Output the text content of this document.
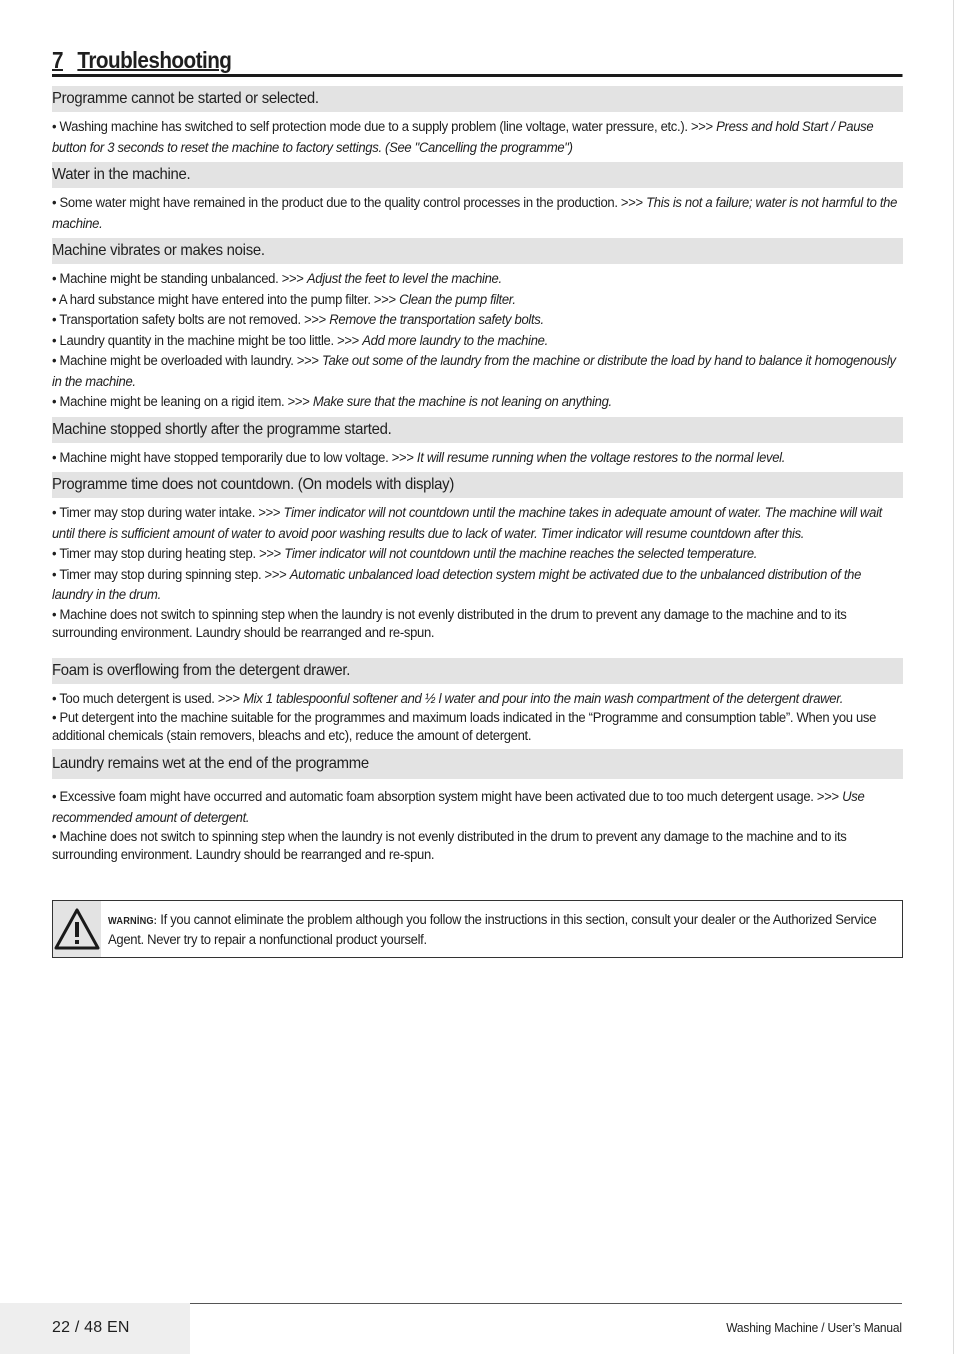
7 Troubleshooting
Programme cannot be started or selected.
• Washing machine has switched to self protection mode due to a supply problem (line voltage, water pressure, etc.). >>> Press and hold Start / Pause button for 3 seconds to reset the machine to factory settings. (See "Cancelling the programme")
Water in the machine.
• Some water might have remained in the product due to the quality control processes in the production. >>> This is not a failure; water is not harmful to the machine.
Machine vibrates or makes noise.
• Machine might be standing unbalanced. >>> Adjust the feet to level the machine.
• A hard substance might have entered into the pump filter. >>> Clean the pump filter.
• Transportation safety bolts are not removed. >>> Remove the transportation safety bolts.
• Laundry quantity in the machine might be too little. >>> Add more laundry to the machine.
• Machine might be overloaded with laundry. >>> Take out some of the laundry from the machine or distribute the load by hand to balance it homogenously in the machine.
• Machine might be leaning on a rigid item. >>> Make sure that the machine is not leaning on anything.
Machine stopped shortly after the programme started.
• Machine might have stopped temporarily due to low voltage. >>> It will resume running when the voltage restores to the normal level.
Programme time does not countdown. (On models with display)
• Timer may stop during water intake. >>> Timer indicator will not countdown until the machine takes in adequate amount of water. The machine will wait until there is sufficient amount of water to avoid poor washing results due to lack of water. Timer indicator will resume countdown after this.
• Timer may stop during heating step. >>> Timer indicator will not countdown until the machine reaches the selected temperature.
• Timer may stop during spinning step. >>> Automatic unbalanced load detection system might be activated due to the unbalanced distribution of the laundry in the drum.
• Machine does not switch to spinning step when the laundry is not evenly distributed in the drum to prevent any damage to the machine and to its surrounding environment. Laundry should be rearranged and re-spun.
Foam is overflowing from the detergent drawer.
• Too much detergent is used. >>> Mix 1 tablespoonful softener and ½ l water and pour into the main wash compartment of the detergent drawer.
• Put detergent into the machine suitable for the programmes and maximum loads indicated in the “Programme and consumption table”. When you use additional chemicals (stain removers, bleachs and etc), reduce the amount of detergent.
Laundry remains wet at the end of the programme
• Excessive foam might have occurred and automatic foam absorption system might have been activated due to too much detergent usage. >>> Use recommended amount of detergent.
• Machine does not switch to spinning step when the laundry is not evenly distributed in the drum to prevent any damage to the machine and to its surrounding environment. Laundry should be rearranged and re-spun.
WARNİNG: If you cannot eliminate the problem although you follow the instructions in this section, consult your dealer or the Authorized Service Agent. Never try to repair a nonfunctional product yourself.
22 / 48 EN	Washing Machine / User’s Manual
